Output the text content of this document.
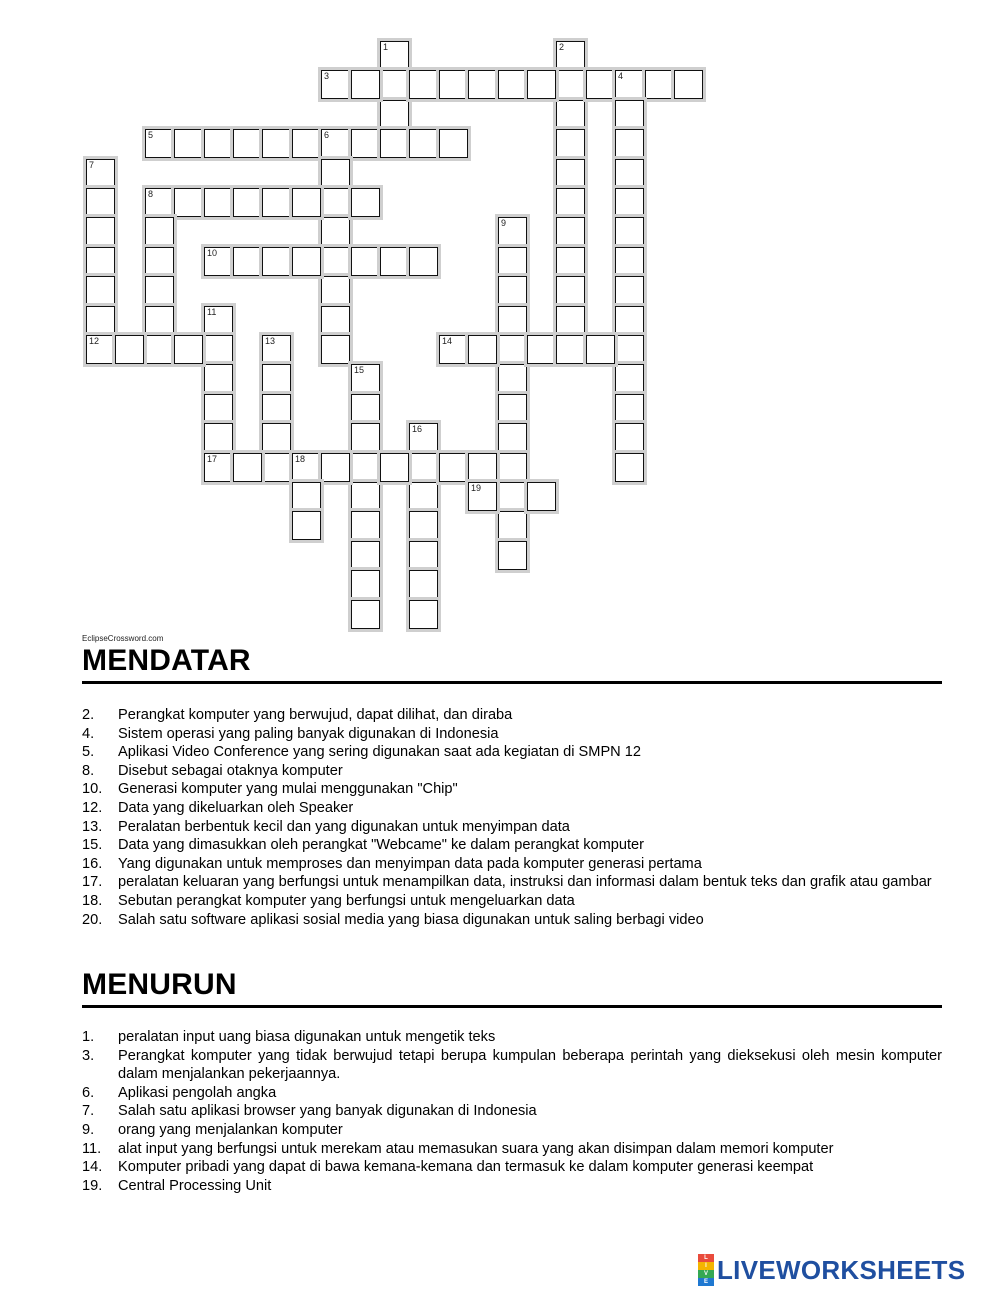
1	2
3	4
5	6
7
12
8
9
10
11
17
13	14
15
16
18
19
EclipseCrossword.com
MENDATAR
2.	Perangkat komputer yang berwujud, dapat dilihat, dan diraba
4.	Sistem operasi yang paling banyak digunakan di Indonesia
5.	Aplikasi Video Conference yang sering digunakan saat ada kegiatan di SMPN 12
8.	Disebut sebagai otaknya komputer
10.	Generasi komputer yang mulai menggunakan "Chip"
12.	Data yang dikeluarkan oleh Speaker
13.	Peralatan berbentuk kecil dan yang digunakan untuk menyimpan data
15.	Data yang dimasukkan oleh perangkat "Webcame" ke dalam perangkat komputer
16.	Yang digunakan untuk memproses dan menyimpan data pada komputer generasi pertama
17.	peralatan keluaran yang berfungsi untuk menampilkan data, instruksi dan informasi dalam bentuk teks dan grafik atau gambar
18.	Sebutan perangkat komputer yang berfungsi untuk mengeluarkan data
20.	Salah satu software aplikasi sosial media yang biasa digunakan untuk saling berbagi video
MENURUN
1.	peralatan input uang biasa digunakan untuk mengetik teks
3.	Perangkat komputer yang tidak berwujud tetapi berupa kumpulan beberapa perintah yang dieksekusi oleh mesin komputer dalam menjalankan pekerjaannya.
6.	Aplikasi pengolah angka
7.	Salah satu aplikasi browser yang banyak digunakan di Indonesia
9.	orang yang menjalankan komputer
11.	alat input yang berfungsi untuk merekam atau memasukan suara yang akan disimpan dalam memori komputer
14.	Komputer pribadi yang dapat di bawa kemana-kemana dan termasuk ke dalam komputer generasi keempat
19.	Central Processing Unit
L
I
V
E LIVEWORKSHEETS
